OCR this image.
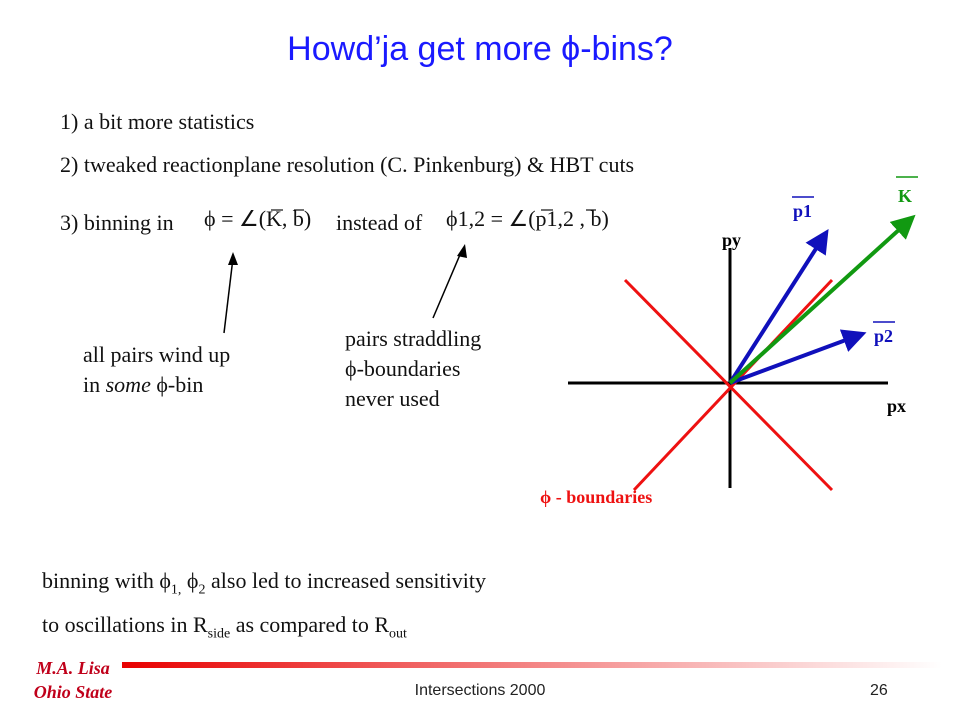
Howd’ja get more ϕ-bins?
1) a bit more statistics
2) tweaked reactionplane resolution (C. Pinkenburg) & HBT cuts
3) binning in	instead of
ϕ = ∠(K, b)	ϕ1,2 = ∠(p1,2 , b)
all pairs wind up
in some ϕ-bin
pairs straddling
ϕ-boundaries
never used
py
px
p1
p2
K
ϕ - boundaries
binning with $\phi_{1,}$ $\phi_2$ also led to increased sensitivity
to oscillations in $R_{side}$ as compared to $R_{out}$
M.A. Lisa
Ohio State	Intersections 2000	26
